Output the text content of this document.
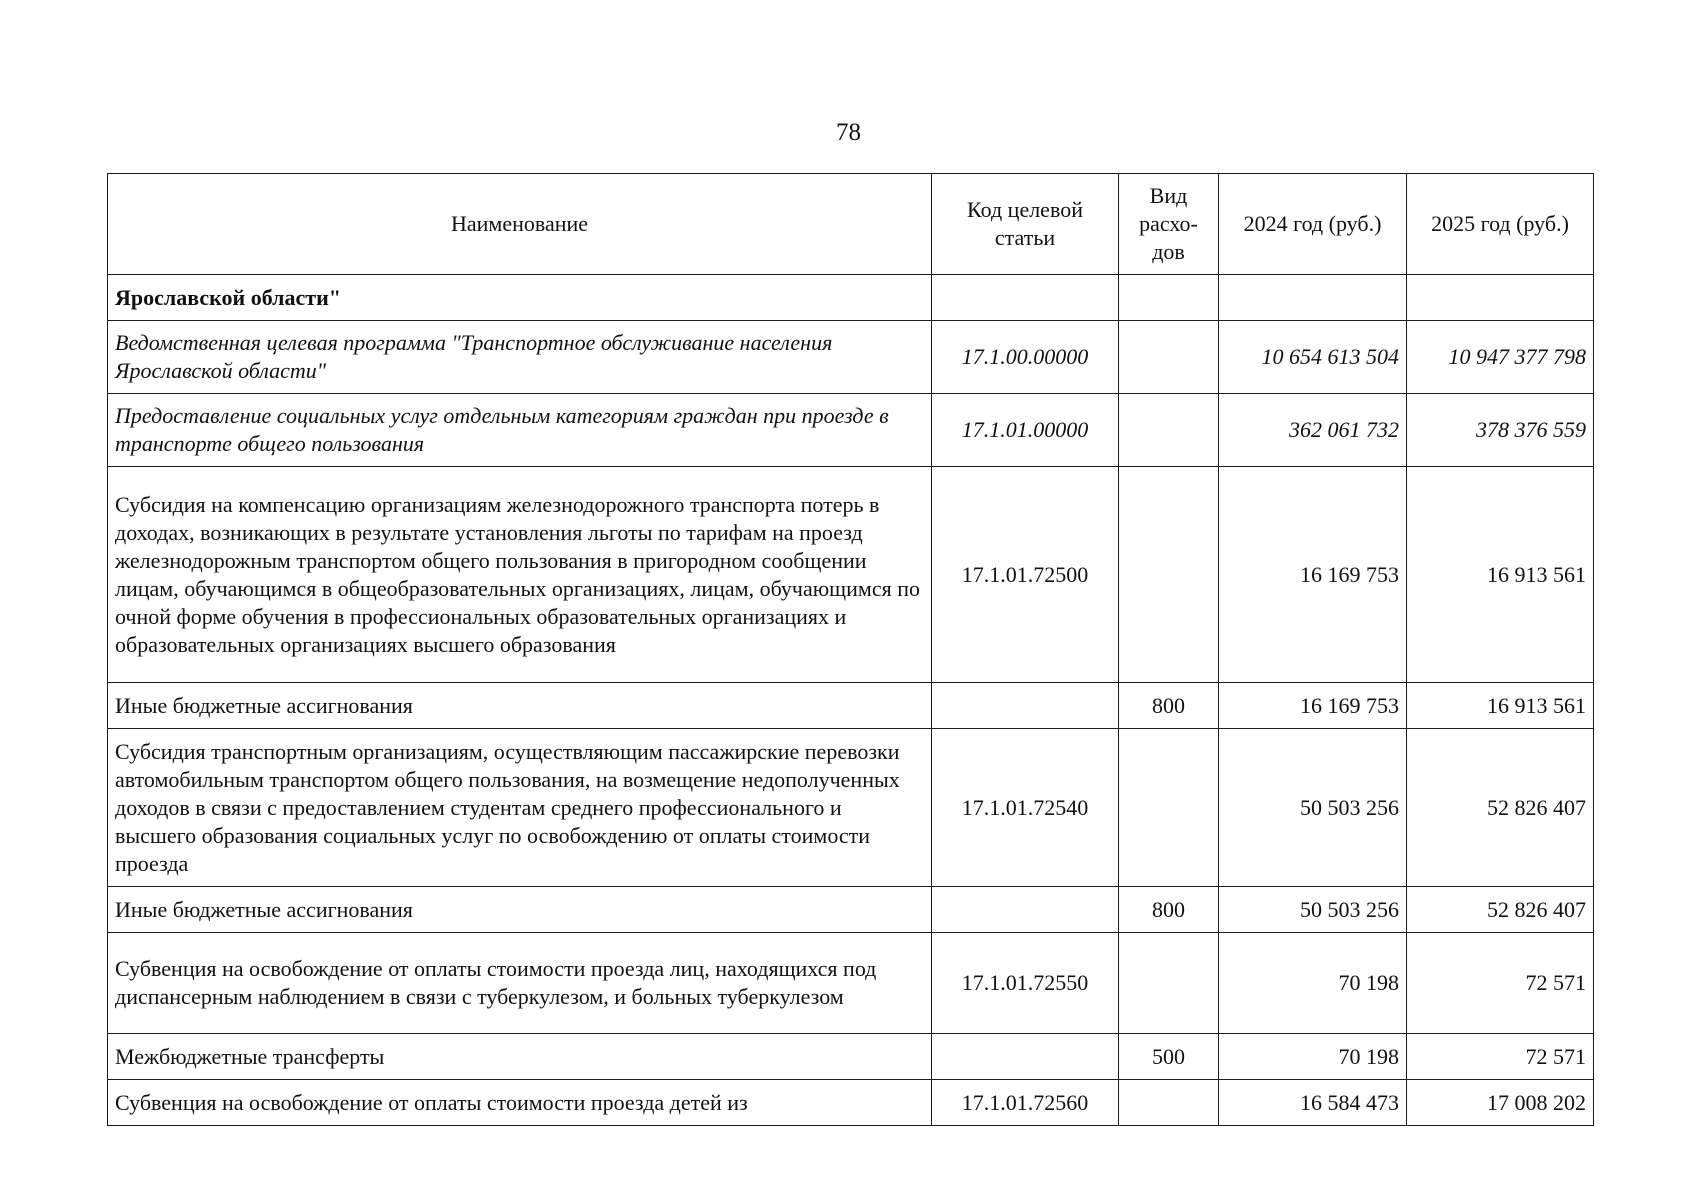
78
Наименование	Код целевой статьи	Вид расхо-дов	2024 год (руб.)	2025 год (руб.)
Ярославской области"				
Ведомственная целевая программа "Транспортное обслуживание населения Ярославской области"	17.1.00.00000		10 654 613 504	10 947 377 798
Предоставление социальных услуг отдельным категориям граждан при проезде в транспорте общего пользования	17.1.01.00000		362 061 732	378 376 559
Субсидия на компенсацию организациям железнодорожного транспорта потерь в доходах, возникающих в результате установления льготы по тарифам на проезд железнодорожным транспортом общего пользования в пригородном сообщении лицам, обучающимся в общеобразовательных организациях, лицам, обучающимся по очной форме обучения в профессиональных образовательных организациях и образовательных организациях высшего образования	17.1.01.72500		16 169 753	16 913 561
Иные бюджетные ассигнования		800	16 169 753	16 913 561
Субсидия транспортным организациям, осуществляющим пассажирские перевозки автомобильным транспортом общего пользования, на возмещение недополученных доходов в связи с предоставлением студентам среднего профессионального и высшего образования социальных услуг по освобождению от оплаты стоимости проезда	17.1.01.72540		50 503 256	52 826 407
Иные бюджетные ассигнования		800	50 503 256	52 826 407
Субвенция на освобождение от оплаты стоимости проезда лиц, находящихся под диспансерным наблюдением в связи с туберкулезом, и больных туберкулезом	17.1.01.72550		70 198	72 571
Межбюджетные трансферты		500	70 198	72 571
Субвенция на освобождение от оплаты стоимости проезда детей из	17.1.01.72560		16 584 473	17 008 202
